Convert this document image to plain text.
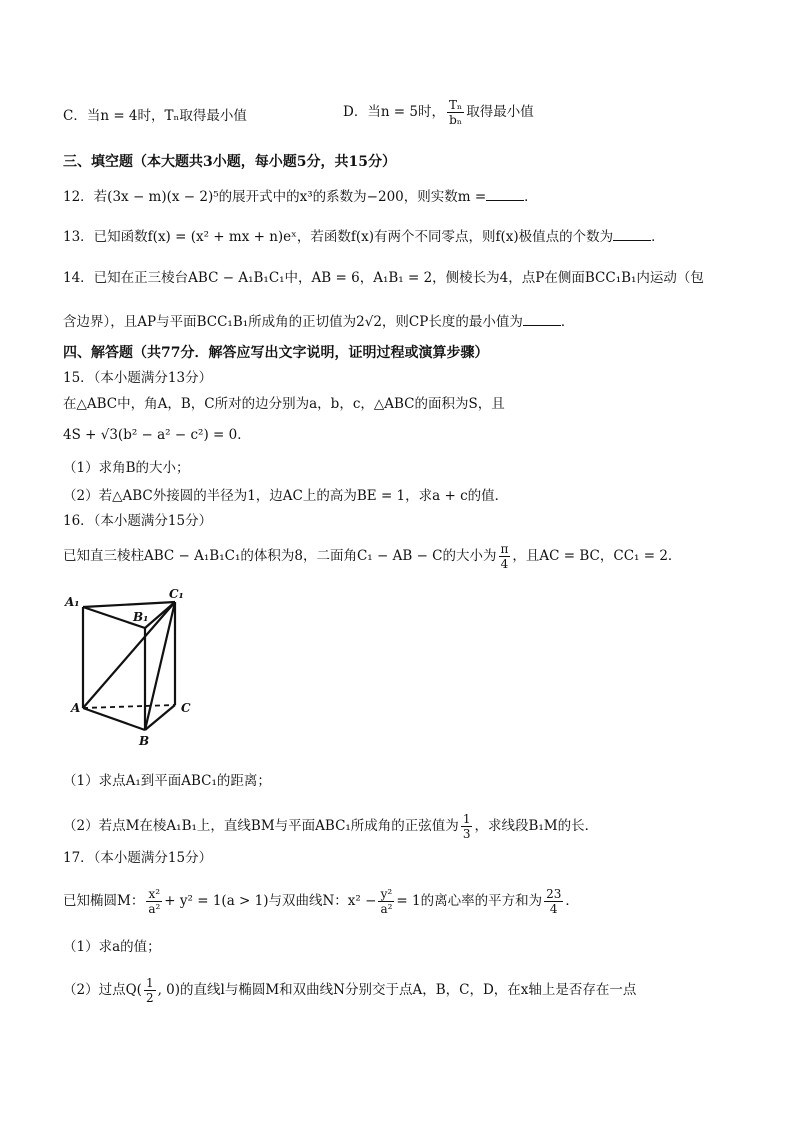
C．当n = 4时，Tₙ取得最小值	D．当n = 5时， $\frac{\text{Tₙ}}{\text{bₙ}}$ 取得最小值
三、填空题（本大题共3小题，每小题5分，共15分）
12．若(3x − m)(x − 2)⁵的展开式中的x³的系数为−200，则实数m =	．
13．已知函数f(x) = (x² + mx + n)eˣ，若函数f(x)有两个不同零点，则f(x)极值点的个数为	．
14．已知在正三棱台ABC − A₁B₁C₁中，AB = 6，A₁B₁ = 2，侧棱长为4，点P在侧面BCC₁B₁内运动（包
含边界），且AP与平面BCC₁B₁所成角的正切值为2√2，则CP长度的最小值为	．
四、解答题（共77分．解答应写出文字说明，证明过程或演算步骤）
15．（本小题满分13分）
在△ABC中，角A，B，C所对的边分别为a，b，c，△ABC的面积为S，且
4S + √3(b² − a² − c²) = 0．
（1）求角B的大小；
（2）若△ABC外接圆的半径为1，边AC上的高为BE = 1，求a + c的值．
16．（本小题满分15分）
已知直三棱柱ABC − A₁B₁C₁的体积为8，二面角C₁ − AB − C的大小为 $\frac{\pi}{4}$ ，且AC = BC，CC₁ = 2．
A₁
B₁
C₁
A
B
C
（1）求点A₁到平面ABC₁的距离；
（2）若点M在棱A₁B₁上，直线BM与平面ABC₁所成角的正弦值为 $\frac{1}{3}$ ，求线段B₁M的长．
17．（本小题满分15分）
已知椭圆M： $\frac{\text{x²}}{\text{a²}} + y^2 = 1(a > 1)$与双曲线N：$x^2 - \frac{\text{y²}}{\text{a²}} = 1$的离心率的平方和为 $\frac{23}{4}$ ．
（1）求a的值；
（2）过点$Q( \frac{1}{2}$ , 0)的直线l与椭圆M和双曲线N分别交于点A，B，C，D，在x轴上是否存在一点
